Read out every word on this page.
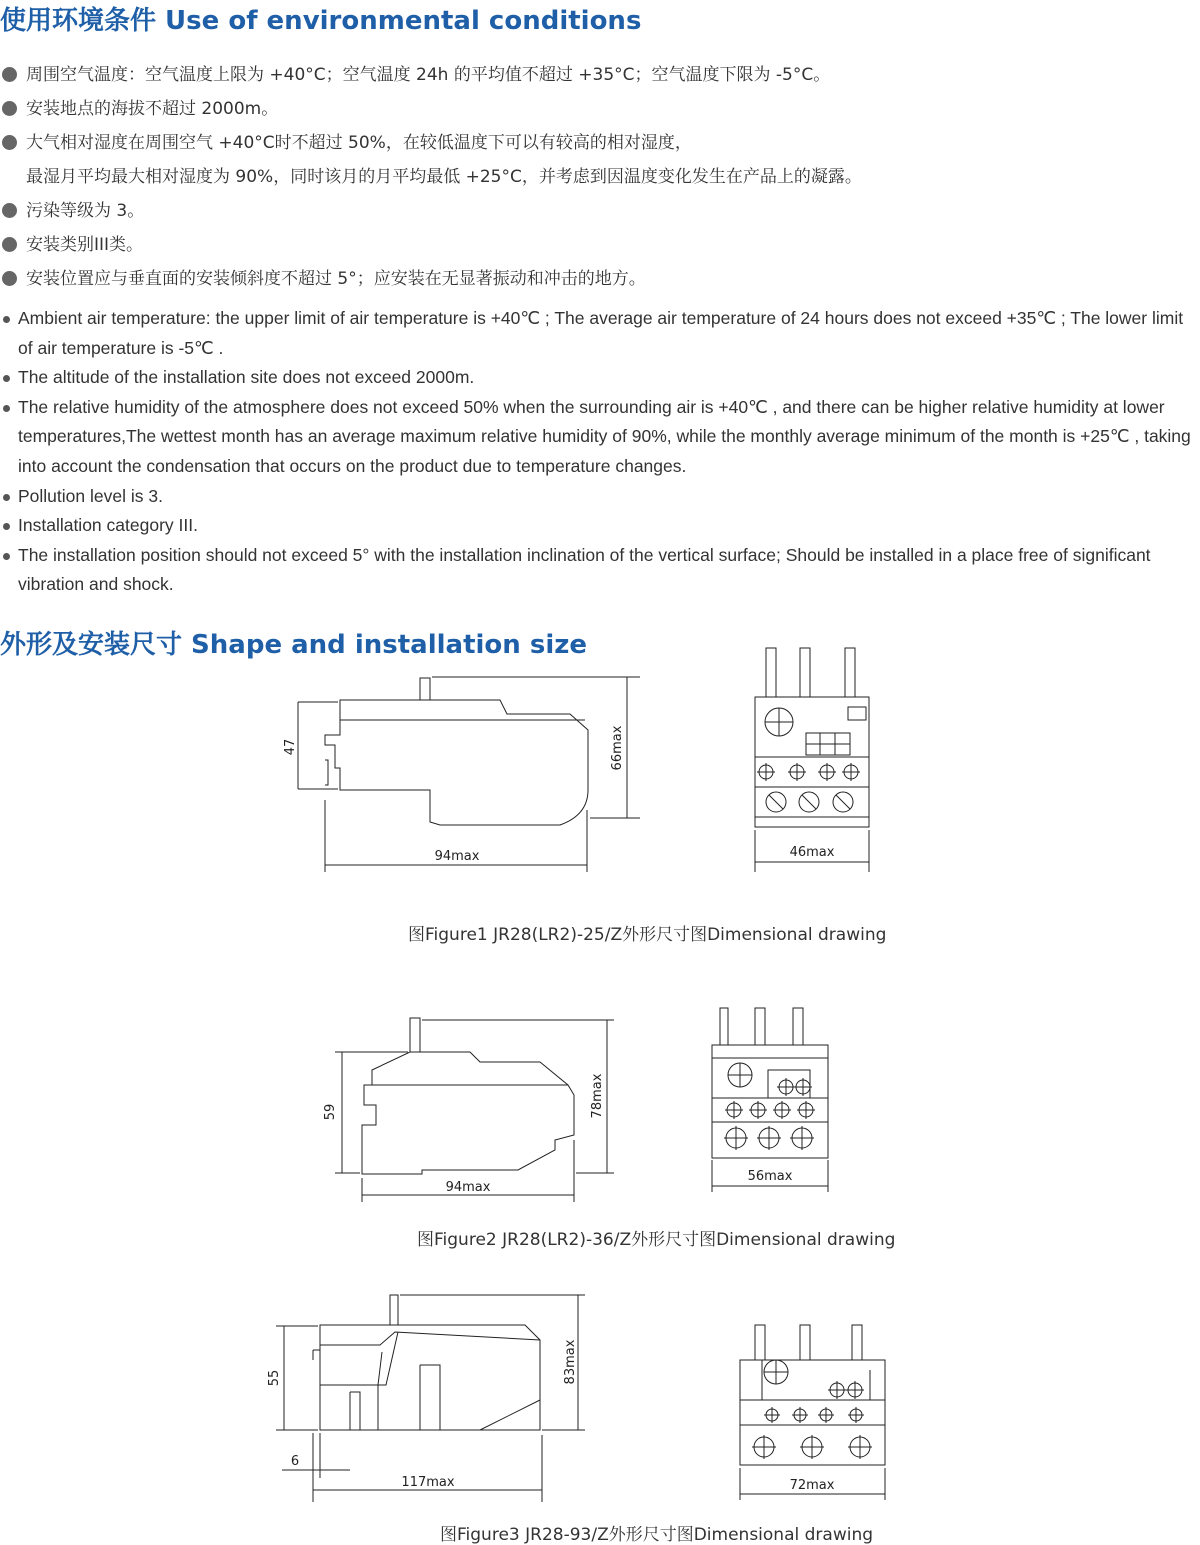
使用环境条件 Use of environmental conditions
周围空气温度：空气温度上限为 +40°C；空气温度 24h 的平均值不超过 +35°C；空气温度下限为 -5°C。
安装地点的海拔不超过 2000m。
大气相对湿度在周围空气 +40°C时不超过 50%，在较低温度下可以有较高的相对湿度，
最湿月平均最大相对湿度为 90%，同时该月的月平均最低 +25°C，并考虑到因温度变化发生在产品上的凝露。
污染等级为 3。
安装类别III类。
安装位置应与垂直面的安装倾斜度不超过 5°；应安装在无显著振动和冲击的地方。
Ambient air temperature: the upper limit of air temperature is +40℃ ; The average air temperature of 24 hours does not exceed +35℃ ; The lower limit of air temperature is -5℃ .
The altitude of the installation site does not exceed 2000m.
The relative humidity of the atmosphere does not exceed 50% when the surrounding air is +40℃ , and there can be higher relative humidity at lower temperatures,The wettest month has an average maximum relative humidity of 90%, while the monthly average minimum of the month is +25℃ , taking into account the condensation that occurs on the product due to temperature changes.
Pollution level is 3.
Installation category III.
The installation position should not exceed 5° with the installation inclination of the vertical surface; Should be installed in a place free of significant vibration and shock.
外形及安装尺寸 Shape and installation size
47	66max
94max	46max
图Figure1 JR28(LR2)-25/Z外形尺寸图Dimensional drawing
59	78max
94max
56max
图Figure2 JR28(LR2)-36/Z外形尺寸图Dimensional drawing
55	83max
6
117max	72max
图Figure3 JR28-93/Z外形尺寸图Dimensional drawing
